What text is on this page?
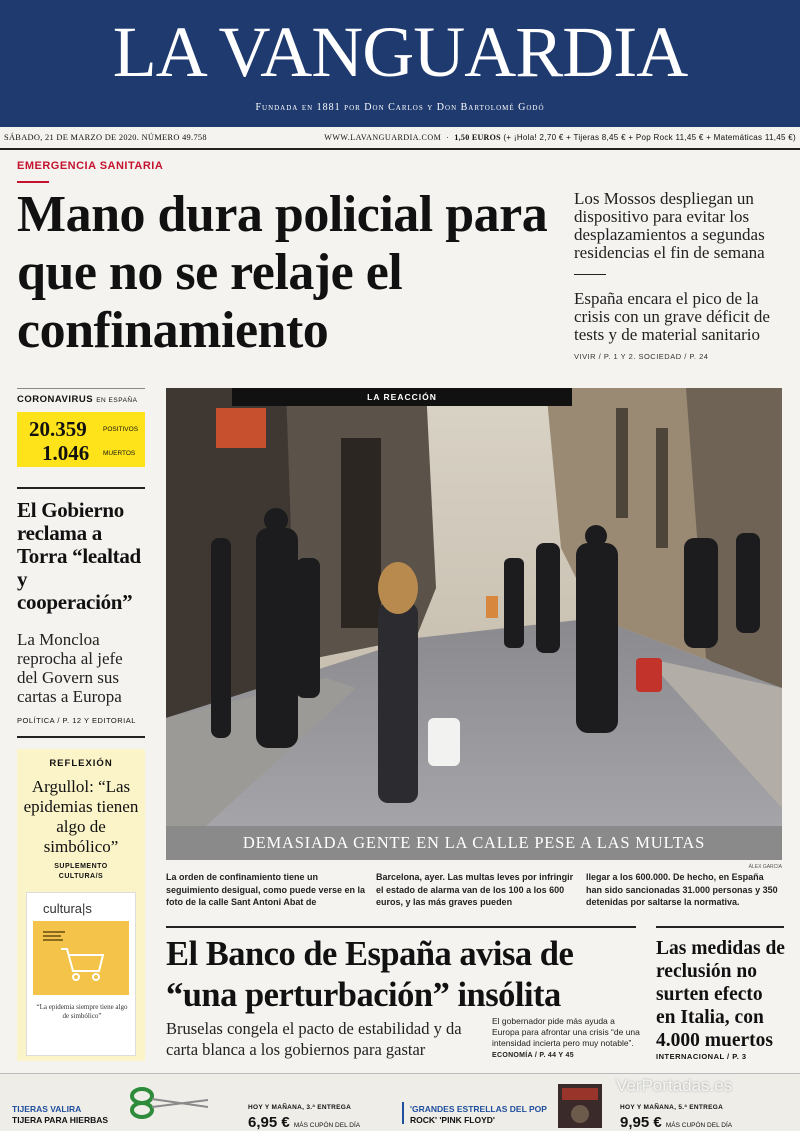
LA VANGUARDIA
Fundada en 1881 por Don Carlos y Don Bartolomé Godó
SÁBADO, 21 DE MARZO DE 2020. NÚMERO 49.758	WWW.LAVANGUARDIA.COM  ·  1,50 EUROS (+ ¡Hola! 2,70 € + Tijeras 8,45 € + Pop Rock 11,45 € + Matemáticas 11,45 €)
EMERGENCIA SANITARIA
Mano dura policial para que no se relaje el confinamiento
Los Mossos despliegan un dispositivo para evitar los desplazamientos a segundas residencias el fin de semana
España encara el pico de la crisis con un grave déficit de tests y de material sanitario
VIVIR / P. 1 Y 2. SOCIEDAD / P. 24
CORONAVIRUS EN ESPAÑA
20.359	POSITIVOS
1.046 MUERTOS
El Gobierno reclama a Torra “lealtad y cooperación”
La Moncloa reprocha al jefe del Govern sus cartas a Europa
POLÍTICA / P. 12 Y EDITORIAL
REFLEXIÓN
Argullol: “Las epidemias tienen algo de simbólico”
SUPLEMENTO
CULTURA/S
cultura|s
“La epidemia siempre tiene algo de simbólico”
LA REACCIÓN
DEMASIADA GENTE EN LA CALLE PESE A LAS MULTAS
ÁLEX GARCIA
La orden de confinamiento tiene un seguimiento desigual, como puede verse en la foto de la calle Sant Antoni Abat de
Barcelona, ayer. Las multas leves por infringir el estado de alarma van de los 100 a los 600 euros, y las más graves pueden
llegar a los 600.000. De hecho, en España han sido sancionadas 31.000 personas y 350 detenidas por saltarse la normativa.
El Banco de España avisa de “una perturbación” insólita
Bruselas congela el pacto de estabilidad y da carta blanca a los gobiernos para gastar
El gobernador pide más ayuda a Europa para afrontar una crisis “de una intensidad incierta pero muy notable”. ECONOMÍA / P. 44 Y 45
Las medidas de reclusión no surten efecto en Italia, con 4.000 muertos
INTERNACIONAL / P. 3
TIJERAS VALIRA
TIJERA PARA HIERBAS
HOY Y MAÑANA, 3.ª ENTREGA
6,95 € MÁS CUPÓN DEL DÍA
'GRANDES ESTRELLAS DEL POP
ROCK' 'PINK FLOYD'
HOY Y MAÑANA, 5.ª ENTREGA
9,95 € MÁS CUPÓN DEL DÍA
VerPortadas.es
